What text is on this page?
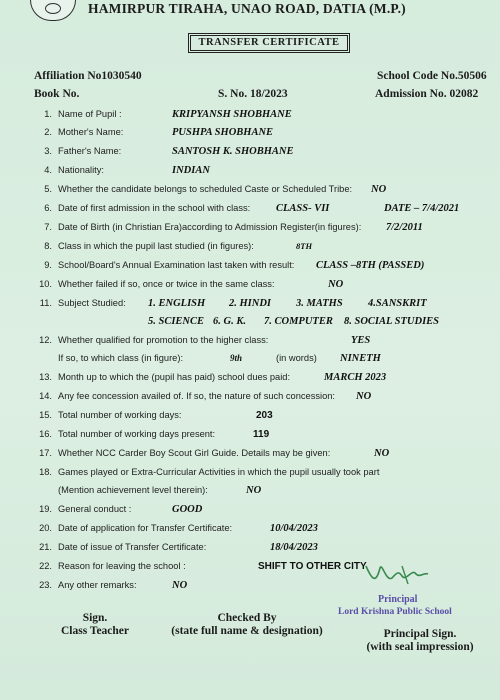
HAMIRPUR TIRAHA, UNAO ROAD, DATIA (M.P.)
TRANSFER CERTIFICATE
Affiliation No1030540	School Code No.50506
Book No.	S. No. 18/2023	Admission No. 02082
1. Name of Pupil :	KRIPYANSH SHOBHANE
2. Mother's Name:	PUSHPA SHOBHANE
3. Father's Name:	SANTOSH K. SHOBHANE
4. Nationality:	INDIAN
5. Whether the candidate belongs to scheduled Caste or Scheduled Tribe: NO
6. Date of first admission in the school with class: CLASS- VII	DATE – 7/4/2021
7. Date of Birth (in Christian Era)according to Admission Register(in figures): 7/2/2011
8. Class in which the pupil last studied (in figures):	8TH
9. School/Board's Annual Examination last taken with result: CLASS –8TH (PASSED)
10. Whether failed if so, once or twice in the same class:	NO
11. Subject Studied: 1. ENGLISH 2. HINDI 3. MATHS 4.SANSKRIT
5. SCIENCE 6. G. K. 7. COMPUTER 8. SOCIAL STUDIES
12. Whether qualified for promotion to the higher class:	YES
If so, to which class (in figure):	9th	(in words) NINETH
13. Month up to which the (pupil has paid) school dues paid:	MARCH 2023
14. Any fee concession availed of. If so, the nature of such concession: NO
15. Total number of working days:	203
16. Total number of working days present:	119
17. Whether NCC Carder Boy Scout Girl Guide. Details may be given:	NO
18. Games played or Extra-Curricular Activities in which the pupil usually took part
(Mention achievement level therein):	NO
19. General conduct :	GOOD
20. Date of application for Transfer Certificate:	10/04/2023
21. Date of issue of Transfer Certificate:	18/04/2023
22. Reason for leaving the school :	SHIFT TO OTHER CITY
23. Any other remarks:	NO
Principal
Lord Krishna Public School
Sign.
Class Teacher
Checked By
(state full name & designation)	Principal Sign.
(with seal impression)
